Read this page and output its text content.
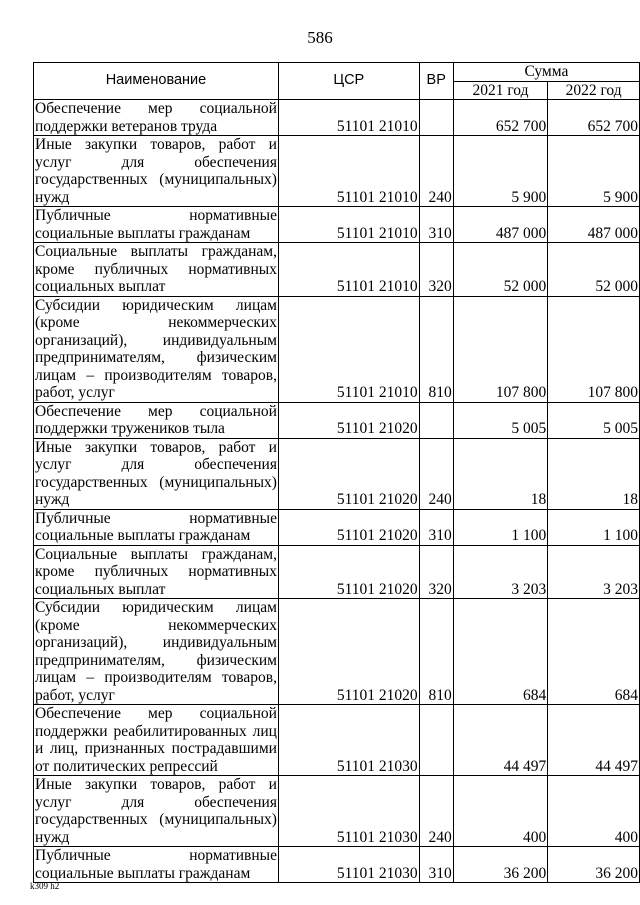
586
Наименование	ЦСР	ВР	Сумма	
			2021 год	2022 год
Обеспечение мер социальной поддержки ветеранов труда	51101 21010		652 700	652 700
Иные закупки товаров, работ и услуг для обеспечения государственных (муниципальных) нужд	51101 21010	240	5 900	5 900
Публичные нормативные социальные выплаты гражданам	51101 21010	310	487 000	487 000
Социальные выплаты гражданам, кроме публичных нормативных социальных выплат	51101 21010	320	52 000	52 000
Субсидии юридическим лицам (кроме некоммерческих организаций), индивидуальным предпринимателям, физическим лицам – производителям товаров, работ, услуг	51101 21010	810	107 800	107 800
Обеспечение мер социальной поддержки тружеников тыла	51101 21020		5 005	5 005
Иные закупки товаров, работ и услуг для обеспечения государственных (муниципальных) нужд	51101 21020	240	18	18
Публичные нормативные социальные выплаты гражданам	51101 21020	310	1 100	1 100
Социальные выплаты гражданам, кроме публичных нормативных социальных выплат	51101 21020	320	3 203	3 203
Субсидии юридическим лицам (кроме некоммерческих организаций), индивидуальным предпринимателям, физическим лицам – производителям товаров, работ, услуг	51101 21020	810	684	684
Обеспечение мер социальной поддержки реабилитированных лиц и лиц, признанных пострадавшими от политических репрессий	51101 21030		44 497	44 497
Иные закупки товаров, работ и услуг для обеспечения государственных (муниципальных) нужд	51101 21030	240	400	400
Публичные нормативные социальные выплаты гражданам	51101 21030	310	36 200	36 200
k309 h2
